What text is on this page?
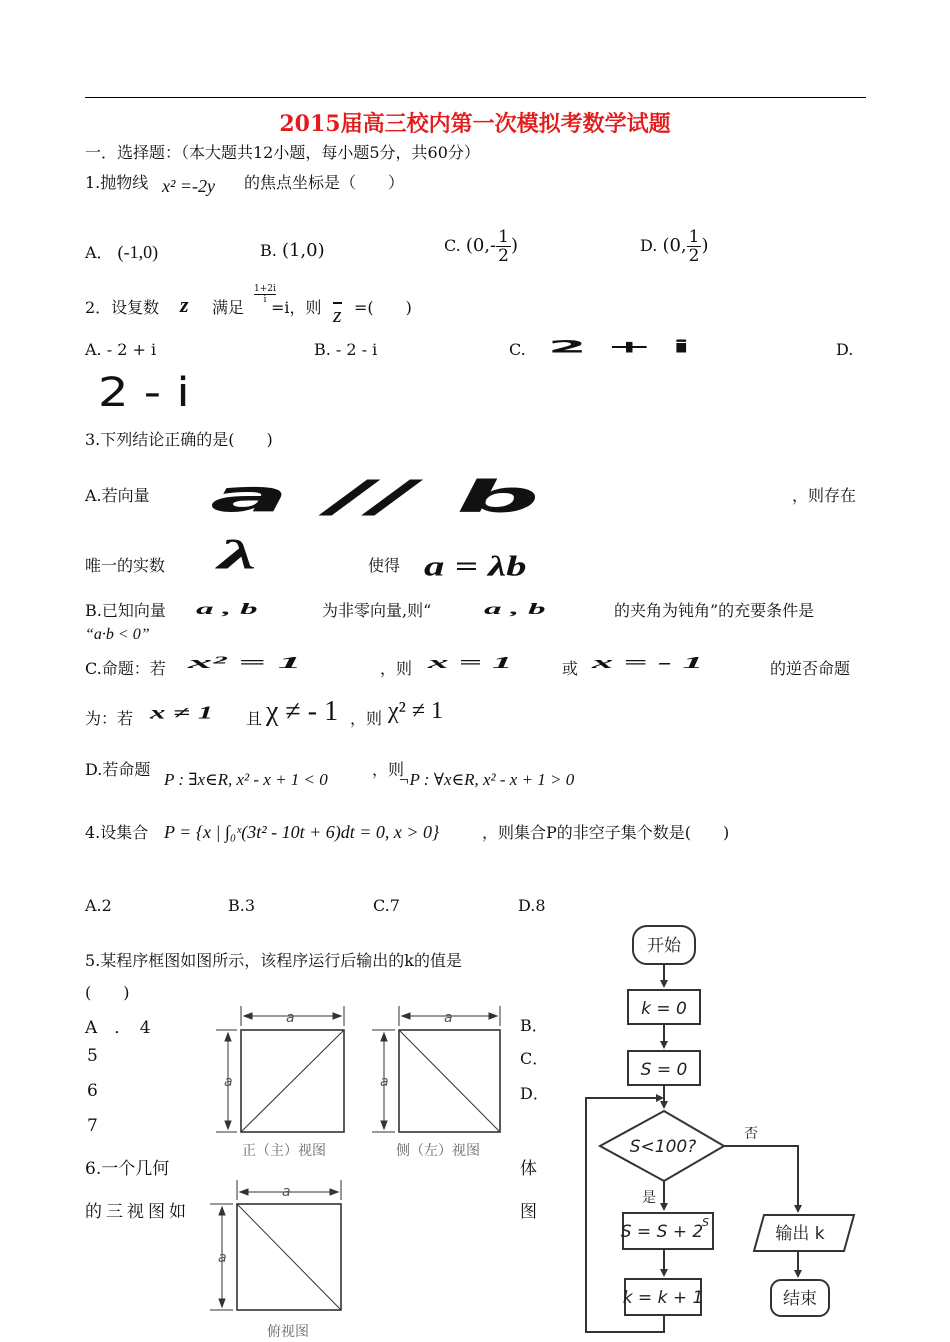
2015届高三校内第一次模拟考数学试题
一．选择题：（本大题共12小题，每小题5分，共60分）
1.抛物线 x² =-2y 的焦点坐标是（　　）
A． (-1,0)	B. (1,0)	C. ($0,- \frac{1}{2}$ )	D. (0, $\frac{1}{2}$ )
2．设复数 z 满足
1+2i
i =i，则 z =(　　)
A. - 2 + i	B. - 2 - i	C. 2 + i	D.
2 - i
3.下列结论正确的是(　　)
A.若向量 a // b	，则存在
唯一的实数 λ	使得 a = λb
B.已知向量 a , b	为非零向量,则“ a , b	的夹角为钝角”的充要条件是
“a·b < 0”
C.命题：若 x² = 1	，则 x = 1	或 x = - 1	的逆否命题
为：若 x ≠ 1 且 χ ≠ - 1 ，则 χ² ≠ 1
D.若命题
P : ∃x∈R, x² - x + 1 < 0
，则
¬P : ∀x∈R, x² - x + 1 > 0
4.设集合 P = {x | ∫₀ˣ(3t² - 10t + 6)dt = 0, x > 0}	，则集合P的非空子集个数是(　　)
A.2	B.3	C.7	D.8
5.某程序框图如图所示，该程序运行后输出的k的值是
(　　)
A　．　4	B．
5	C．
6	D．
7
6.一个几何	体
的三视图如	图
a
a
a
a
a
a
正（主）视图	侧（左）视图
俯视图
开始
k = 0
S = 0
S<100?
S = S + 2
k = k + 1
输出 k
结束
S
否
是
